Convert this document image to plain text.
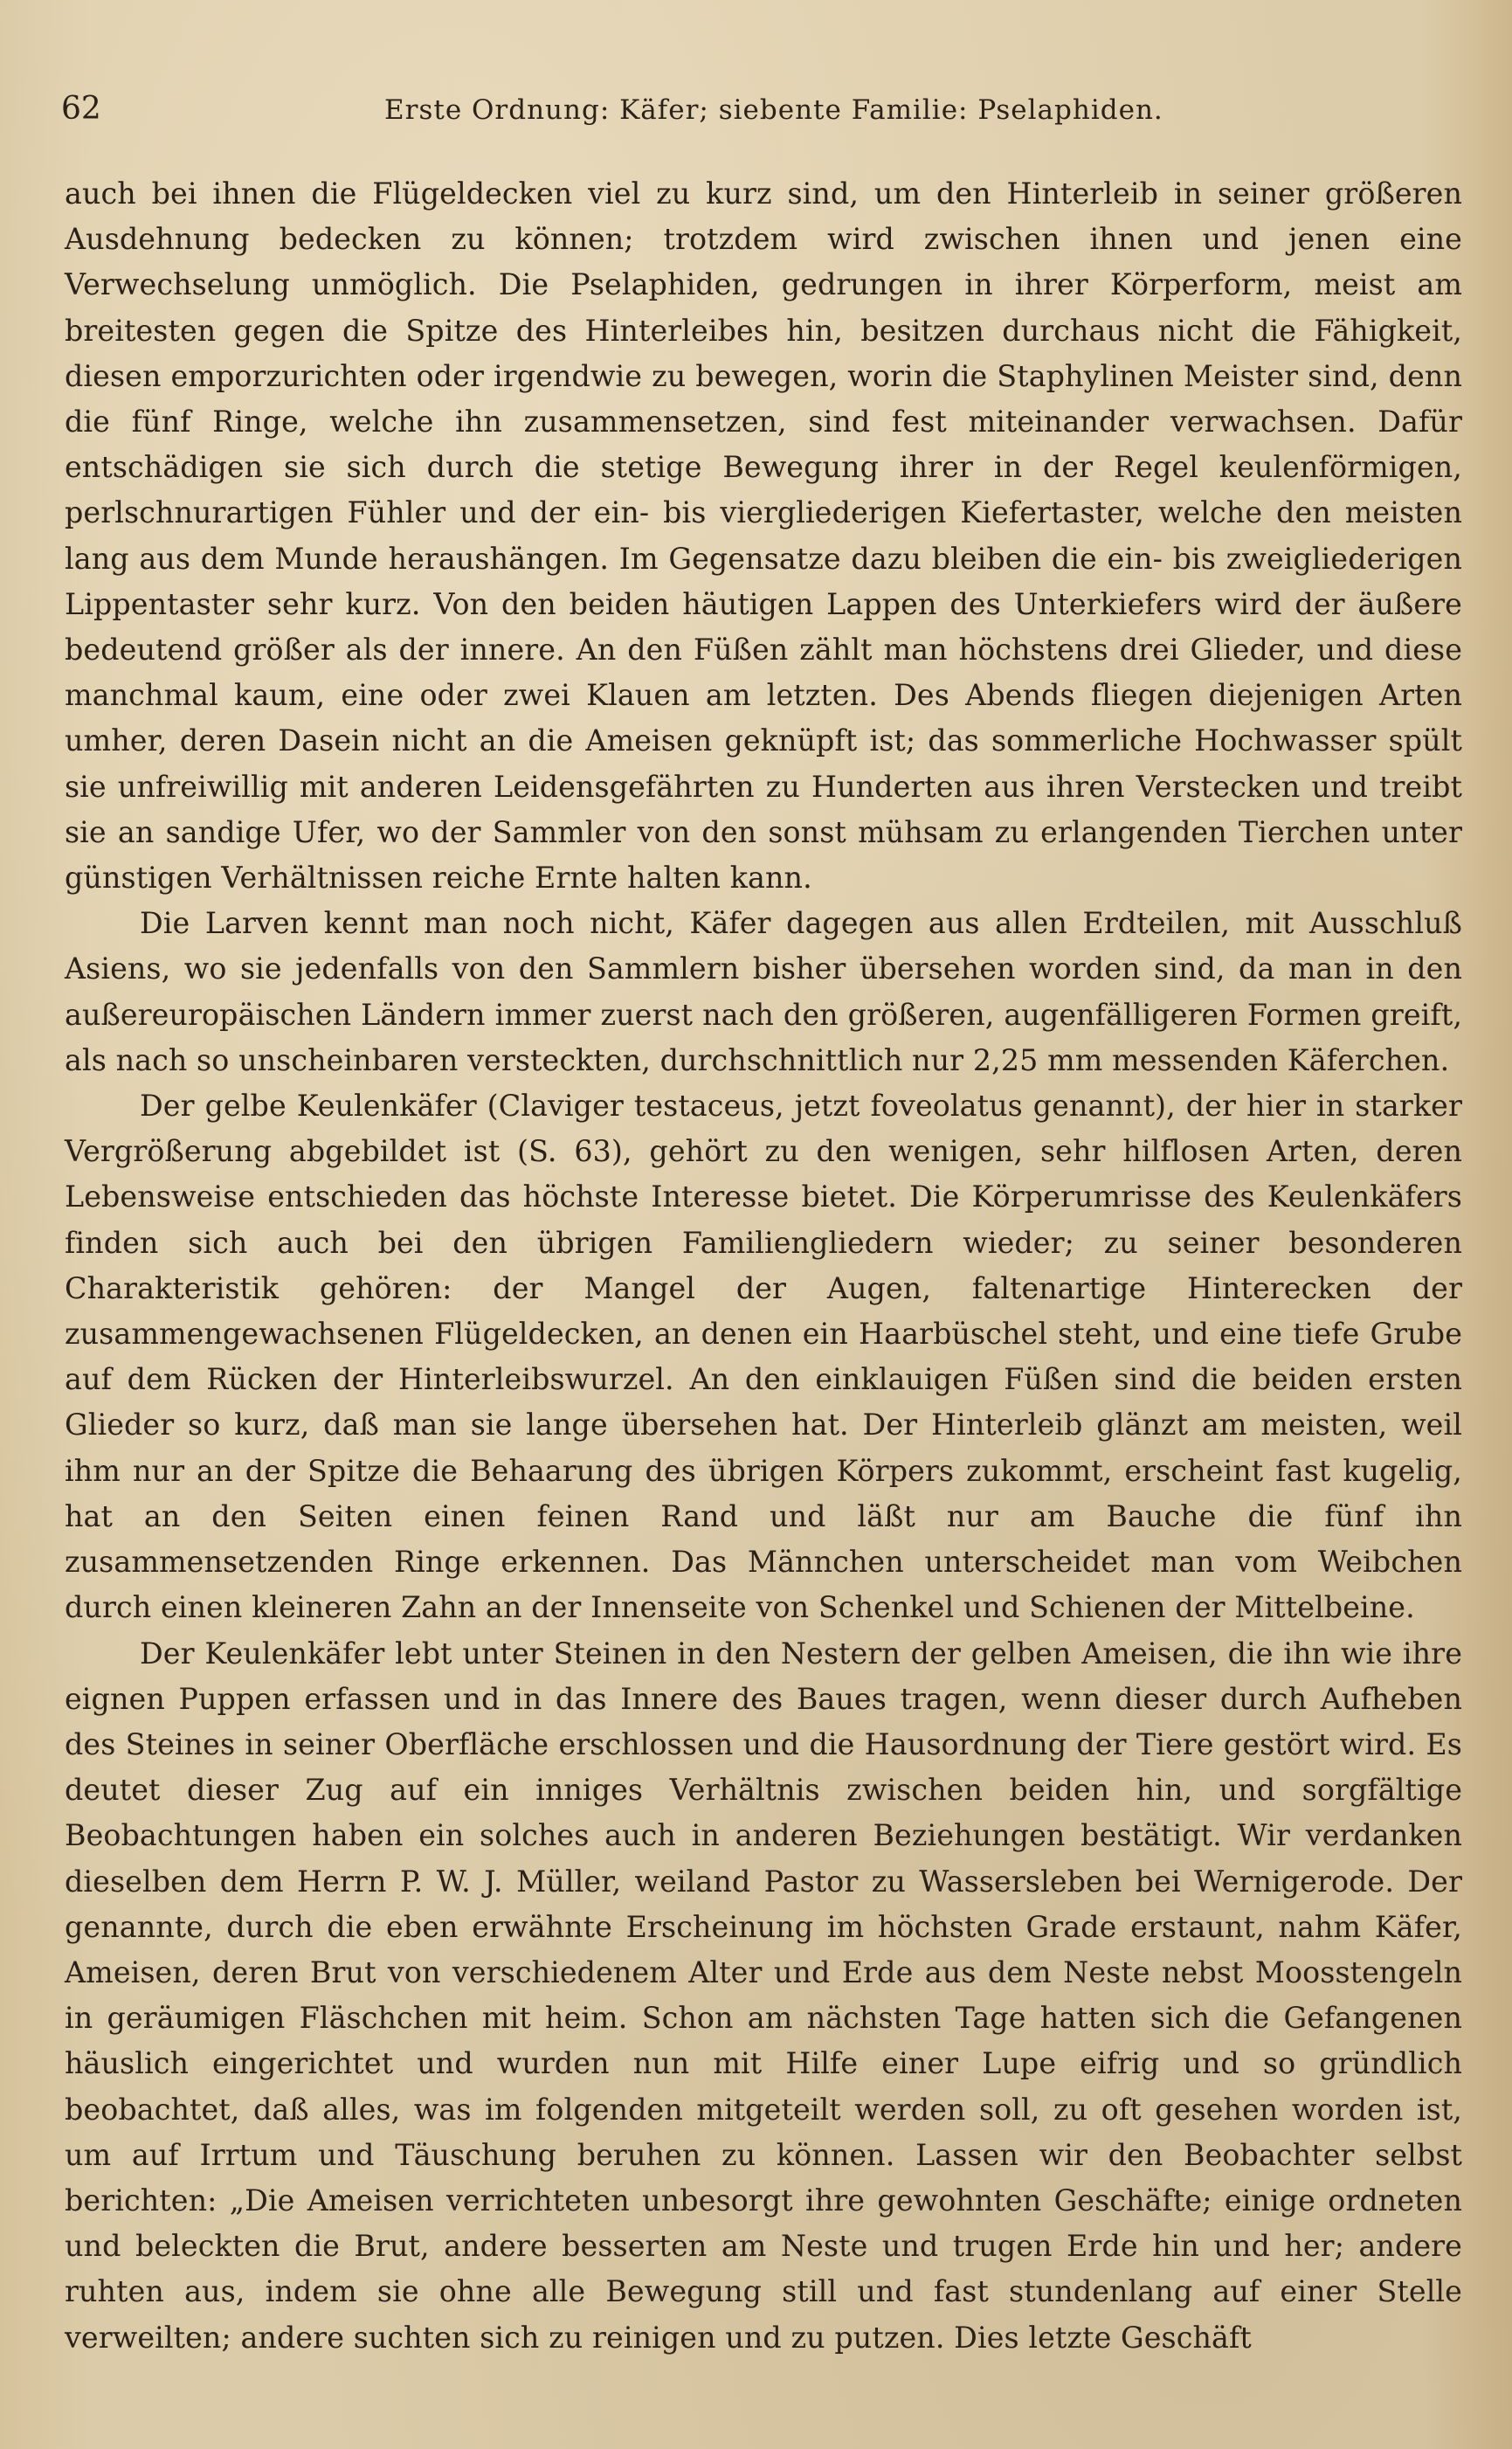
62	Erste Ordnung: Käfer; siebente Familie: Pselaphiden.

auch bei ihnen die Flügeldecken viel zu kurz sind, um den Hinterleib in seiner größeren Ausdehnung bedecken zu können; trotzdem wird zwischen ihnen und jenen eine Verwechselung unmöglich. Die Pselaphiden, gedrungen in ihrer Körperform, meist am breitesten gegen die Spitze des Hinterleibes hin, besitzen durchaus nicht die Fähigkeit, diesen emporzurichten oder irgendwie zu bewegen, worin die Staphylinen Meister sind, denn die fünf Ringe, welche ihn zusammensetzen, sind fest miteinander verwachsen. Dafür entschädigen sie sich durch die stetige Bewegung ihrer in der Regel keulenförmigen, perlschnurartigen Fühler und der ein- bis viergliederigen Kiefertaster, welche den meisten lang aus dem Munde heraushängen. Im Gegensatze dazu bleiben die ein- bis zweigliederigen Lippentaster sehr kurz. Von den beiden häutigen Lappen des Unterkiefers wird der äußere bedeutend größer als der innere. An den Füßen zählt man höchstens drei Glieder, und diese manchmal kaum, eine oder zwei Klauen am letzten. Des Abends fliegen diejenigen Arten umher, deren Dasein nicht an die Ameisen geknüpft ist; das sommerliche Hochwasser spült sie unfreiwillig mit anderen Leidensgefährten zu Hunderten aus ihren Verstecken und treibt sie an sandige Ufer, wo der Sammler von den sonst mühsam zu erlangenden Tierchen unter günstigen Verhältnissen reiche Ernte halten kann.

Die Larven kennt man noch nicht, Käfer dagegen aus allen Erdteilen, mit Ausschluß Asiens, wo sie jedenfalls von den Sammlern bisher übersehen worden sind, da man in den außereuropäischen Ländern immer zuerst nach den größeren, augenfälligeren Formen greift, als nach so unscheinbaren versteckten, durchschnittlich nur 2,25 mm messenden Käferchen.

Der gelbe Keulenkäfer (Claviger testaceus, jetzt foveolatus genannt), der hier in starker Vergrößerung abgebildet ist (S. 63), gehört zu den wenigen, sehr hilflosen Arten, deren Lebensweise entschieden das höchste Interesse bietet. Die Körperumrisse des Keulenkäfers finden sich auch bei den übrigen Familiengliedern wieder; zu seiner besonderen Charakteristik gehören: der Mangel der Augen, faltenartige Hinterecken der zusammengewachsenen Flügeldecken, an denen ein Haarbüschel steht, und eine tiefe Grube auf dem Rücken der Hinterleibswurzel. An den einklauigen Füßen sind die beiden ersten Glieder so kurz, daß man sie lange übersehen hat. Der Hinterleib glänzt am meisten, weil ihm nur an der Spitze die Behaarung des übrigen Körpers zukommt, erscheint fast kugelig, hat an den Seiten einen feinen Rand und läßt nur am Bauche die fünf ihn zusammensetzenden Ringe erkennen. Das Männchen unterscheidet man vom Weibchen durch einen kleineren Zahn an der Innenseite von Schenkel und Schienen der Mittelbeine.

Der Keulenkäfer lebt unter Steinen in den Nestern der gelben Ameisen, die ihn wie ihre eignen Puppen erfassen und in das Innere des Baues tragen, wenn dieser durch Aufheben des Steines in seiner Oberfläche erschlossen und die Hausordnung der Tiere gestört wird. Es deutet dieser Zug auf ein inniges Verhältnis zwischen beiden hin, und sorgfältige Beobachtungen haben ein solches auch in anderen Beziehungen bestätigt. Wir verdanken dieselben dem Herrn P. W. J. Müller, weiland Pastor zu Wassersleben bei Wernigerode. Der genannte, durch die eben erwähnte Erscheinung im höchsten Grade erstaunt, nahm Käfer, Ameisen, deren Brut von verschiedenem Alter und Erde aus dem Neste nebst Moosstengeln in geräumigen Fläschchen mit heim. Schon am nächsten Tage hatten sich die Gefangenen häuslich eingerichtet und wurden nun mit Hilfe einer Lupe eifrig und so gründlich beobachtet, daß alles, was im folgenden mitgeteilt werden soll, zu oft gesehen worden ist, um auf Irrtum und Täuschung beruhen zu können. Lassen wir den Beobachter selbst berichten: „Die Ameisen verrichteten unbesorgt ihre gewohnten Geschäfte; einige ordneten und beleckten die Brut, andere besserten am Neste und trugen Erde hin und her; andere ruhten aus, indem sie ohne alle Bewegung still und fast stundenlang auf einer Stelle verweilten; andere suchten sich zu reinigen und zu putzen. Dies letzte Geschäft
